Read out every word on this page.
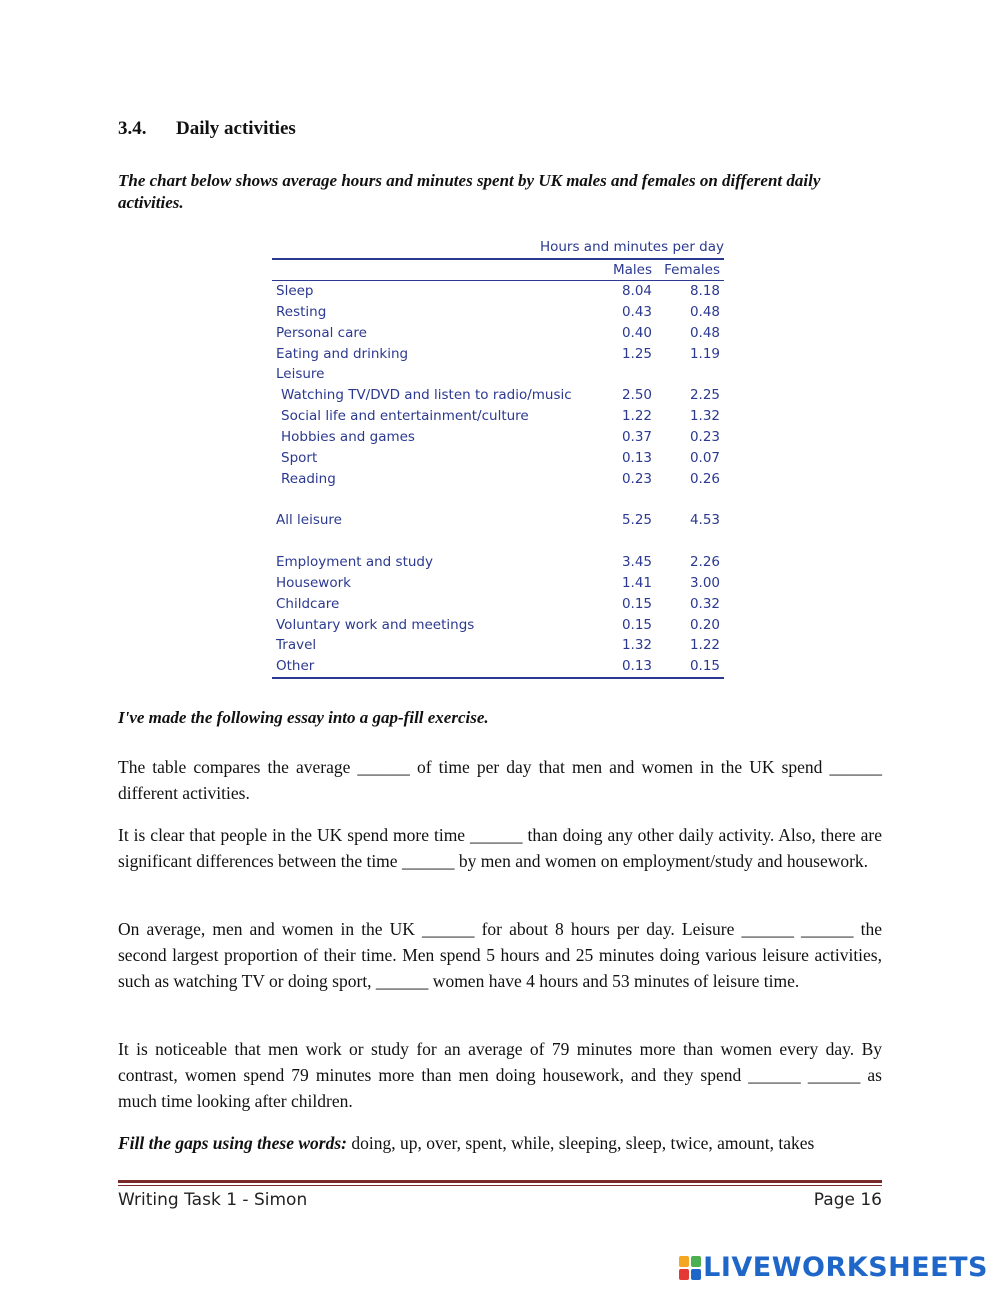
3.4. Daily activities
The chart below shows average hours and minutes spent by UK males and females on different daily activities.
Hours and minutes per day
Males Females
Sleep	8.04	8.18
Resting	0.43	0.48
Personal care	0.40	0.48
Eating and drinking	1.25	1.19
Leisure
Watching TV/DVD and listen to radio/music	2.50	2.25
Social life and entertainment/culture	1.22	1.32
Hobbies and games	0.37	0.23
Sport	0.13	0.07
Reading	0.23	0.26
All leisure	5.25	4.53
Employment and study	3.45	2.26
Housework	1.41	3.00
Childcare	0.15	0.32
Voluntary work and meetings	0.15	0.20
Travel	1.32	1.22
Other	0.13	0.15
I've made the following essay into a gap-fill exercise.
The table compares the average ______ of time per day that men and women in the UK spend ______ different activities.
It is clear that people in the UK spend more time ______ than doing any other daily activity. Also, there are significant differences between the time ______ by men and women on employment/study and housework.
On average, men and women in the UK ______ for about 8 hours per day. Leisure ______ ______ the second largest proportion of their time. Men spend 5 hours and 25 minutes doing various leisure activities, such as watching TV or doing sport, ______ women have 4 hours and 53 minutes of leisure time.
It is noticeable that men work or study for an average of 79 minutes more than women every day. By contrast, women spend 79 minutes more than men doing housework, and they spend ______ ______ as much time looking after children.
Fill the gaps using these words: doing, up, over, spent, while, sleeping, sleep, twice, amount, takes
Writing Task 1 - Simon	Page 16
LIVEWORKSHEETS
